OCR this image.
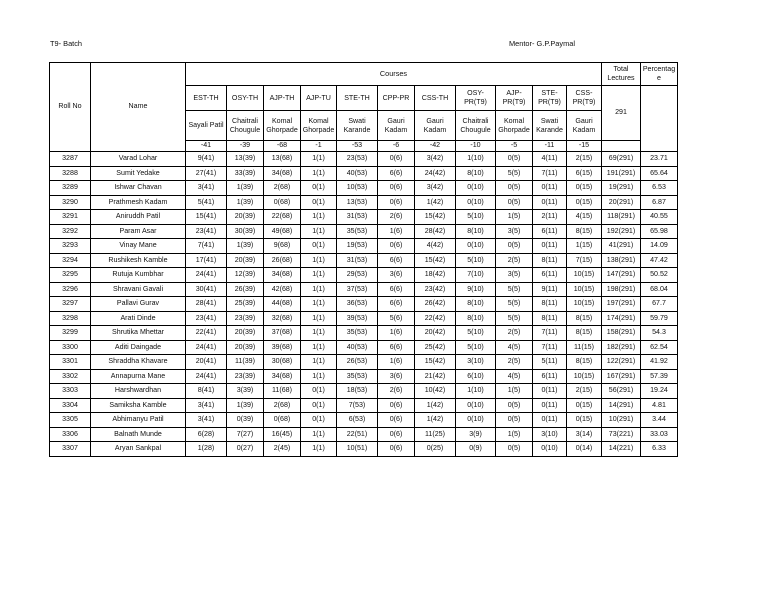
T9- Batch	Mentor- G.P.Paymal
Roll No	Name	Courses											Total Lectures	Percentag e
		EST-TH	OSY-TH	AJP-TH	AJP-TU	STE-TH	CPP-PR	CSS-TH	OSY- PR(T9)	AJP- PR(T9)	STE- PR(T9)	CSS- PR(T9)	291	
		Sayali Patil	Chaitrali Chougule	Komal Ghorpade	Komal Ghorpade	Swati Karande	Gauri Kadam	Gauri Kadam	Chaitrali Chougule	Komal Ghorpade	Swati Karande	Gauri Kadam		
		-41	-39	-68	-1	-53	-6	-42	-10	-5	-11	-15		
3287	Varad Lohar	9(41)	13(39)	13(68)	1(1)	23(53)	0(6)	3(42)	1(10)	0(5)	4(11)	2(15)	69(291)	23.71
3288	Sumit Yedake	27(41)	33(39)	34(68)	1(1)	40(53)	6(6)	24(42)	8(10)	5(5)	7(11)	6(15)	191(291)	65.64
3289	Ishwar Chavan	3(41)	1(39)	2(68)	0(1)	10(53)	0(6)	3(42)	0(10)	0(5)	0(11)	0(15)	19(291)	6.53
3290	Prathmesh Kadam	5(41)	1(39)	0(68)	0(1)	13(53)	0(6)	1(42)	0(10)	0(5)	0(11)	0(15)	20(291)	6.87
3291	Aniruddh Patil	15(41)	20(39)	22(68)	1(1)	31(53)	2(6)	15(42)	5(10)	1(5)	2(11)	4(15)	118(291)	40.55
3292	Param Asar	23(41)	30(39)	49(68)	1(1)	35(53)	1(6)	28(42)	8(10)	3(5)	6(11)	8(15)	192(291)	65.98
3293	Vinay Mane	7(41)	1(39)	9(68)	0(1)	19(53)	0(6)	4(42)	0(10)	0(5)	0(11)	1(15)	41(291)	14.09
3294	Rushikesh Kamble	17(41)	20(39)	26(68)	1(1)	31(53)	6(6)	15(42)	5(10)	2(5)	8(11)	7(15)	138(291)	47.42
3295	Rutuja Kumbhar	24(41)	12(39)	34(68)	1(1)	29(53)	3(6)	18(42)	7(10)	3(5)	6(11)	10(15)	147(291)	50.52
3296	Shravani Gavali	30(41)	26(39)	42(68)	1(1)	37(53)	6(6)	23(42)	9(10)	5(5)	9(11)	10(15)	198(291)	68.04
3297	Pallavi Gurav	28(41)	25(39)	44(68)	1(1)	36(53)	6(6)	26(42)	8(10)	5(5)	8(11)	10(15)	197(291)	67.7
3298	Arati Dinde	23(41)	23(39)	32(68)	1(1)	39(53)	5(6)	22(42)	8(10)	5(5)	8(11)	8(15)	174(291)	59.79
3299	Shrutika Mhettar	22(41)	20(39)	37(68)	1(1)	35(53)	1(6)	20(42)	5(10)	2(5)	7(11)	8(15)	158(291)	54.3
3300	Aditi Daingade	24(41)	20(39)	39(68)	1(1)	40(53)	6(6)	25(42)	5(10)	4(5)	7(11)	11(15)	182(291)	62.54
3301	Shraddha Khavare	20(41)	11(39)	30(68)	1(1)	26(53)	1(6)	15(42)	3(10)	2(5)	5(11)	8(15)	122(291)	41.92
3302	Annapurna Mane	24(41)	23(39)	34(68)	1(1)	35(53)	3(6)	21(42)	6(10)	4(5)	6(11)	10(15)	167(291)	57.39
3303	Harshwardhan	8(41)	3(39)	11(68)	0(1)	18(53)	2(6)	10(42)	1(10)	1(5)	0(11)	2(15)	56(291)	19.24
3304	Samiksha Kamble	3(41)	1(39)	2(68)	0(1)	7(53)	0(6)	1(42)	0(10)	0(5)	0(11)	0(15)	14(291)	4.81
3305	Abhimanyu Patil	3(41)	0(39)	0(68)	0(1)	6(53)	0(6)	1(42)	0(10)	0(5)	0(11)	0(15)	10(291)	3.44
3306	Balnath Munde	6(28)	7(27)	16(45)	1(1)	22(51)	0(6)	11(25)	3(9)	1(5)	3(10)	3(14)	73(221)	33.03
3307	Aryan Sankpal	1(28)	0(27)	2(45)	1(1)	10(51)	0(6)	0(25)	0(9)	0(5)	0(10)	0(14)	14(221)	6.33
